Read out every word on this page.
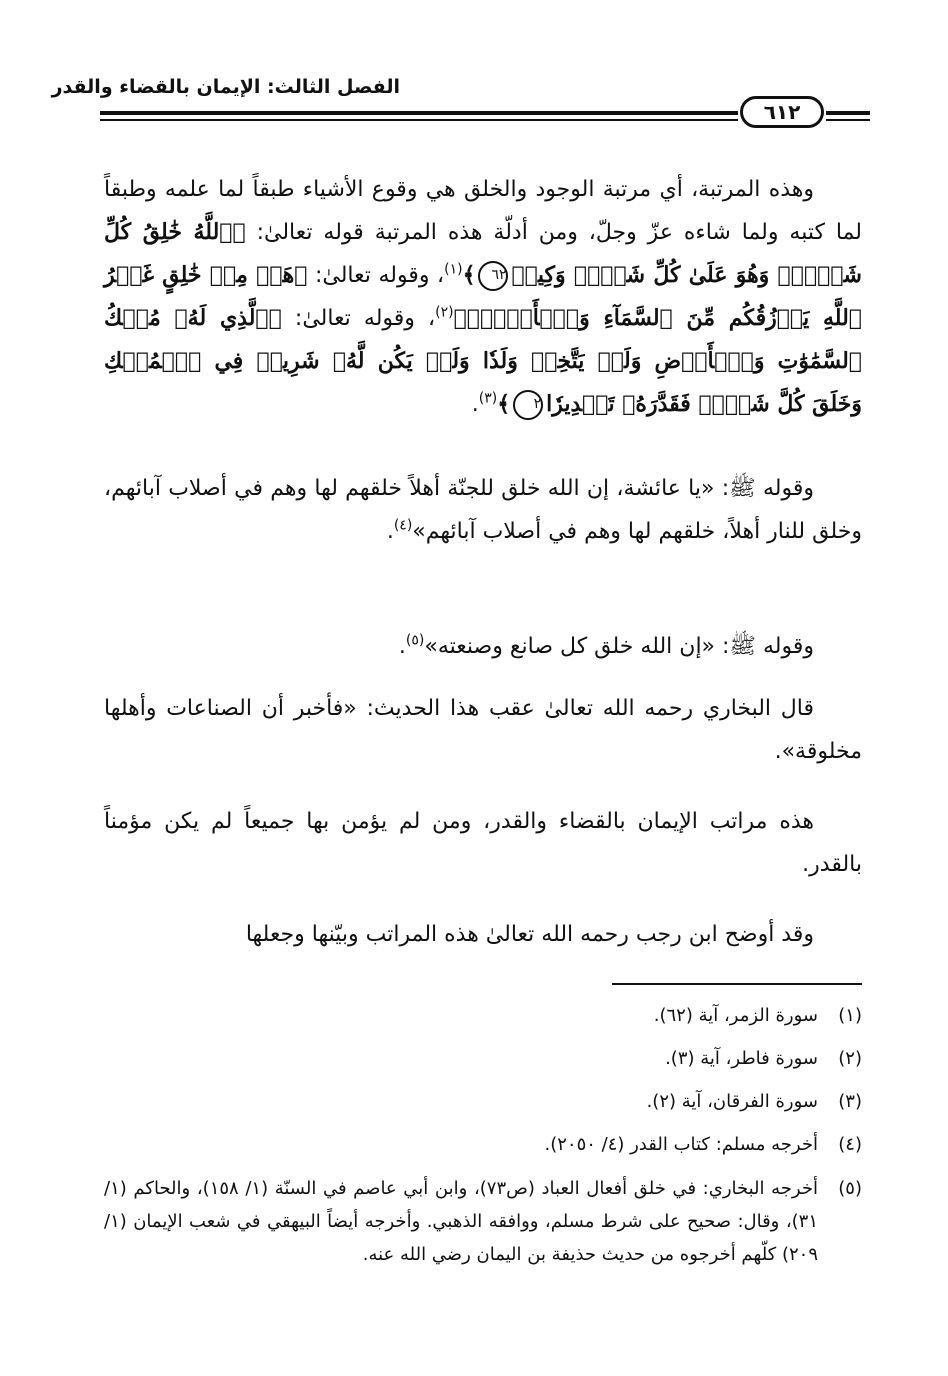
الفصل الثالث: الإيمان بالقضاء والقدر
٦١٢
وهذه المرتبة، أي مرتبة الوجود والخلق هي وقوع الأشياء طبقاً لما علمه وطبقاً لما كتبه ولما شاءه عزّ وجلّ، ومن أدلّة هذه المرتبة قوله تعالىٰ: ﴿ٱللَّهُ خَٰلِقُ كُلِّ شَيۡءٖۖ وَهُوَ عَلَىٰ كُلِّ شَيۡءٖ وَكِيلٞ٦٢﴾$^{(١)}$، وقوله تعالىٰ: ﴿هَلۡ مِنۡ خَٰلِقٍ غَيۡرُ ٱللَّهِ يَرۡزُقُكُم مِّنَ ٱلسَّمَآءِ وَٱلۡأَرۡضِۚ﴾$^{(٢)}$، وقوله تعالىٰ: ﴿ٱلَّذِي لَهُۥ مُلۡكُ ٱلسَّمَٰوَٰتِ وَٱلۡأَرۡضِ وَلَمۡ يَتَّخِذۡ وَلَدٗا وَلَمۡ يَكُن لَّهُۥ شَرِيكٞ فِي ٱلۡمُلۡكِ وَخَلَقَ كُلَّ شَيۡءٖ فَقَدَّرَهُۥ تَقۡدِيرٗا٢﴾$^{(٣)}$.
وقوله ﷺ: «يا عائشة، إن الله خلق للجنّة أهلاً خلقهم لها وهم في أصلاب آبائهم، وخلق للنار أهلاً، خلقهم لها وهم في أصلاب آبائهم»$^{(٤)}$.
وقوله ﷺ: «إن الله خلق كل صانع وصنعته»$^{(٥)}$.
قال البخاري رحمه الله تعالىٰ عقب هذا الحديث: «فأخبر أن الصناعات وأهلها مخلوقة».
هذه مراتب الإيمان بالقضاء والقدر، ومن لم يؤمن بها جميعاً لم يكن مؤمناً بالقدر.
وقد أوضح ابن رجب رحمه الله تعالىٰ هذه المراتب وبيّنها وجعلها
(١)
سورة الزمر، آية (٦٢).
(٢)
سورة فاطر، آية (٣).
(٣)
سورة الفرقان، آية (٢).
(٤)
أخرجه مسلم: كتاب القدر (٤/ ٢٠٥٠).
(٥)
أخرجه البخاري: في خلق أفعال العباد (ص٧٣)، وابن أبي عاصم في السنّة (١/ ١٥٨)، والحاكم (١/ ٣١)، وقال: صحيح على شرط مسلم، ووافقه الذهبي. وأخرجه أيضاً البيهقي في شعب الإيمان (١/ ٢٠٩) كلّهم أخرجوه من حديث حذيفة بن اليمان رضي الله عنه.
